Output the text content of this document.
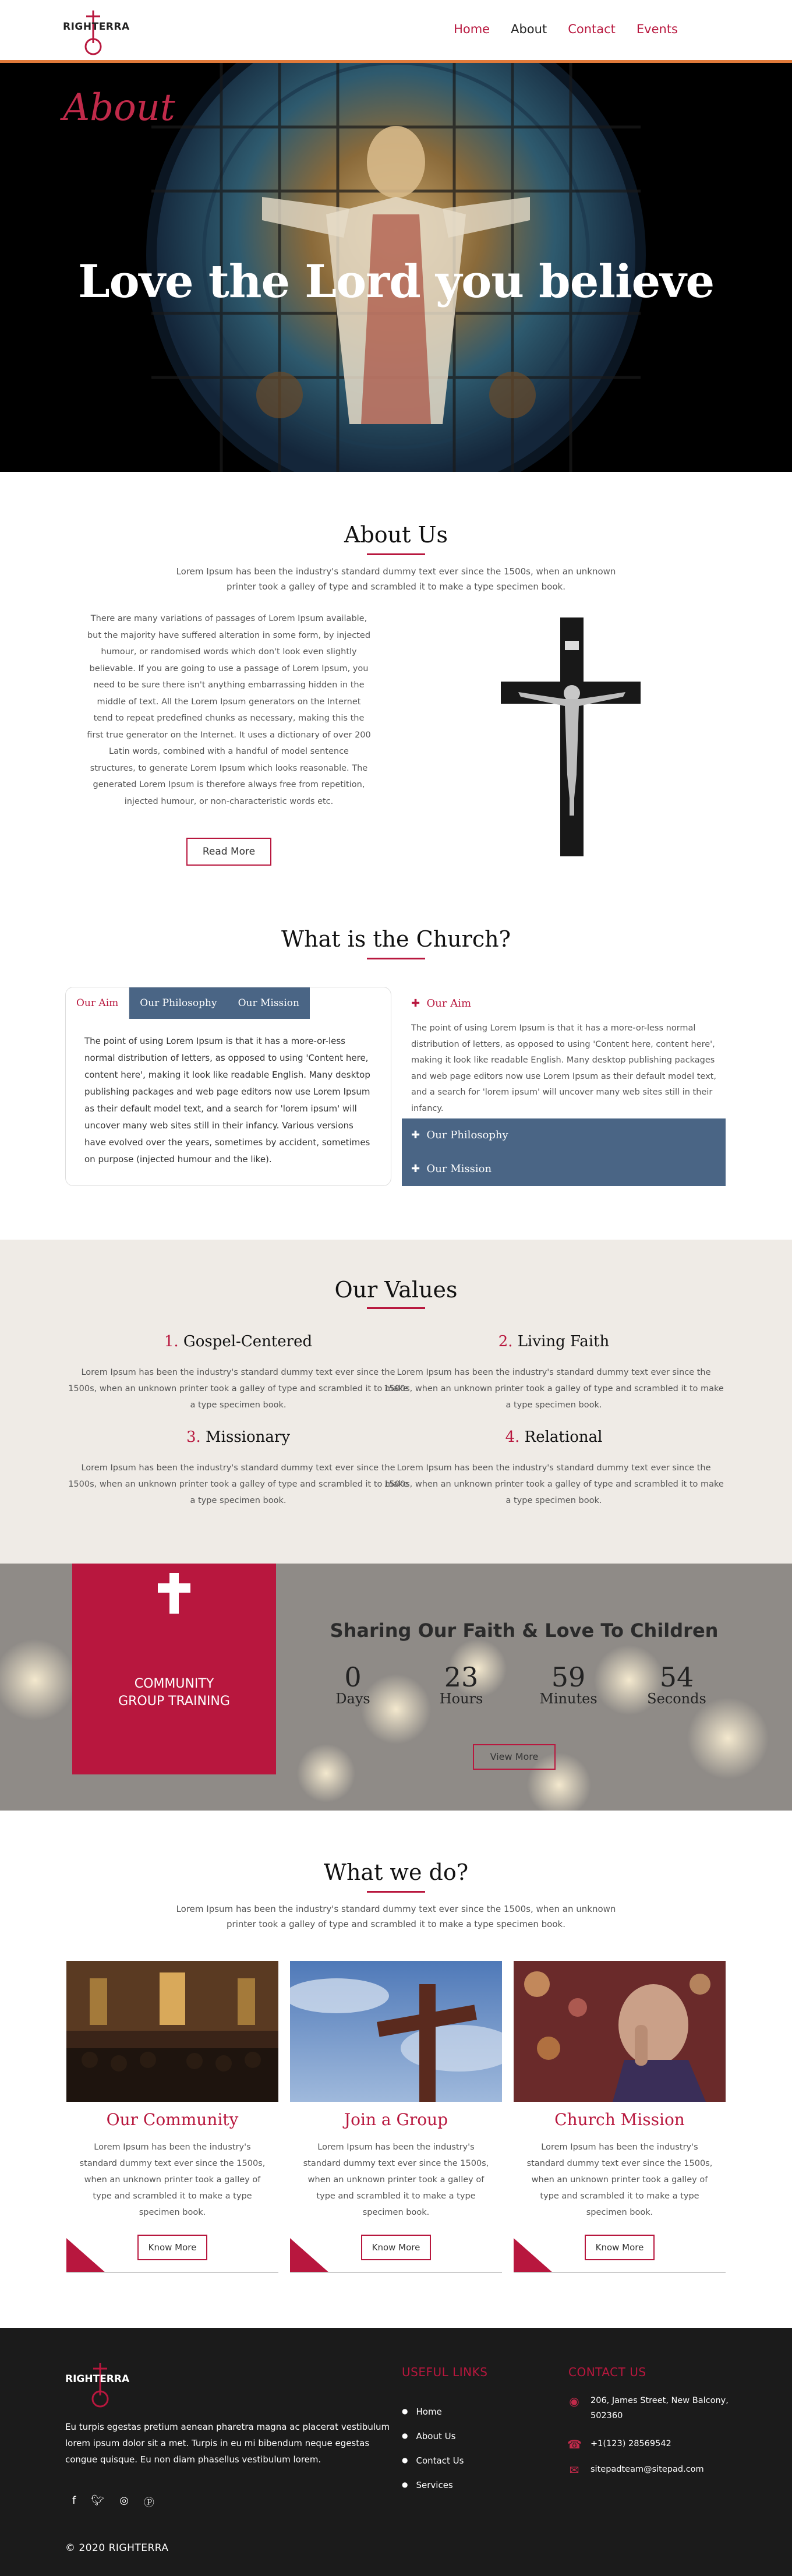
RIGHTERRA	Home About Contact Events
About
Love the Lord you believe
About Us
Lorem Ipsum has been the industry's standard dummy text ever since the 1500s, when an unknown printer took a galley of type and scrambled it to make a type specimen book.
There are many variations of passages of Lorem Ipsum available, but the majority have suffered alteration in some form, by injected humour, or randomised words which don't look even slightly believable. If you are going to use a passage of Lorem Ipsum, you need to be sure there isn't anything embarrassing hidden in the middle of text. All the Lorem Ipsum generators on the Internet tend to repeat predefined chunks as necessary, making this the first true generator on the Internet. It uses a dictionary of over 200 Latin words, combined with a handful of model sentence structures, to generate Lorem Ipsum which looks reasonable. The generated Lorem Ipsum is therefore always free from repetition, injected humour, or non-characteristic words etc.
Read More
What is the Church?
Our Aim	Our Philosophy	Our Mission
The point of using Lorem Ipsum is that it has a more-or-less normal distribution of letters, as opposed to using 'Content here, content here', making it look like readable English. Many desktop publishing packages and web page editors now use Lorem Ipsum as their default model text, and a search for 'lorem ipsum' will uncover many web sites still in their infancy. Various versions have evolved over the years, sometimes by accident, sometimes on purpose (injected humour and the like).
✚ Our Aim
The point of using Lorem Ipsum is that it has a more-or-less normal distribution of letters, as opposed to using 'Content here, content here', making it look like readable English. Many desktop publishing packages and web page editors now use Lorem Ipsum as their default model text, and a search for 'lorem ipsum' will uncover many web sites still in their infancy.
✚ Our Philosophy
✚ Our Mission
Our Values
1. Gospel-Centered
Lorem Ipsum has been the industry's standard dummy text ever since the 1500s, when an unknown printer took a galley of type and scrambled it to make a type specimen book.
2. Living Faith
Lorem Ipsum has been the industry's standard dummy text ever since the 1500s, when an unknown printer took a galley of type and scrambled it to make a type specimen book.
3. Missionary
Lorem Ipsum has been the industry's standard dummy text ever since the 1500s, when an unknown printer took a galley of type and scrambled it to make a type specimen book.
4. Relational
Lorem Ipsum has been the industry's standard dummy text ever since the 1500s, when an unknown printer took a galley of type and scrambled it to make a type specimen book.
COMMUNITY
GROUP TRAINING
Sharing Our Faith & Love To Children
0
Days
23
Hours
59
Minutes
54
Seconds
View More
What we do?
Lorem Ipsum has been the industry's standard dummy text ever since the 1500s, when an unknown printer took a galley of type and scrambled it to make a type specimen book.
Our Community
Lorem Ipsum has been the industry's standard dummy text ever since the 1500s, when an unknown printer took a galley of type and scrambled it to make a type specimen book.
Know More
Join a Group
Lorem Ipsum has been the industry's standard dummy text ever since the 1500s, when an unknown printer took a galley of type and scrambled it to make a type specimen book.
Know More
Church Mission
Lorem Ipsum has been the industry's standard dummy text ever since the 1500s, when an unknown printer took a galley of type and scrambled it to make a type specimen book.
Know More
RIGHTERRA
Eu turpis egestas pretium aenean pharetra magna ac placerat vestibulum lorem ipsum dolor sit a met. Turpis in eu mi bibendum neque egestas congue quisque. Eu non diam phasellus vestibulum lorem.
f 🐦︎ ◎ Ⓟ
USEFUL LINKS
● Home
● About Us
● Contact Us
● Services
CONTACT US
◉ 206, James Street, New Balcony, 502360
☎ +1(123) 28569542
✉ sitepadteam@sitepad.com
© 2020 RIGHTERRA
